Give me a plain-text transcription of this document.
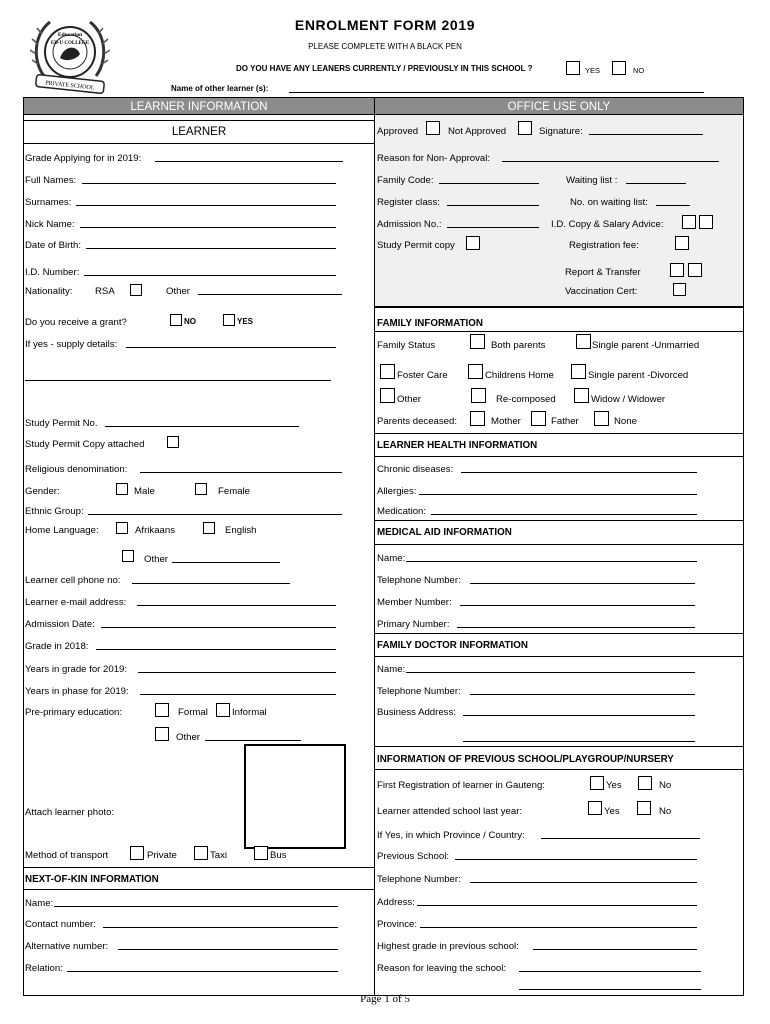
PRIVATE SCHOOL
Education
ED-U COLLEGE
ENROLMENT FORM 2019
PLEASE COMPLETE WITH A BLACK PEN
DO YOU HAVE ANY LEANERS CURRENTLY / PREVIOUSLY IN THIS SCHOOL ?	YES	NO
Name of other learner (s):
LEARNER INFORMATION	OFFICE USE ONLY
LEARNER
Grade Applying for in 2019:
Full Names:
Surnames:
Nick Name:
Date of Birth:
I.D. Number:
Nationality: RSA	Other
Do you receive a grant?	NO	YES
If yes - supply details:
Study Permit No.
Study Permit Copy attached
Religious denomination:
Gender:	Male	Female
Ethnic Group:
Home Language:	Afrikaans	English
Other
Learner cell phone no:
Learner e-mail address:
Admission Date:
Grade in 2018:
Years in grade for 2019:
Years in phase for 2019:
Pre-primary education:	Formal	Informal
Other
Attach learner photo:
Method of transport	Private	Taxi	Bus
NEXT-OF-KIN INFORMATION
Name:
Contact number:
Alternative number:
Relation:
Approved	Not Approved	Signature:
Reason for Non- Approval:
Family Code:	Waiting list :
Register class:	No. on waiting list:
Admission No.:	I.D. Copy & Salary Advice:
Study Permit copy	Registration fee:
Report & Transfer
Vaccination Cert:
FAMILY INFORMATION
Family Status	Both parents	Single parent -Unmarried
Foster Care	Childrens Home	Single parent -Divorced
Other	Re-composed	Widow / Widower
Parents deceased:	Mother	Father	None
LEARNER HEALTH INFORMATION
Chronic diseases:
Allergies:
Medication:
MEDICAL AID INFORMATION
Name:
Telephone Number:
Member Number:
Primary Number:
FAMILY DOCTOR INFORMATION
Name:
Telephone Number:
Business Address:
INFORMATION OF PREVIOUS SCHOOL/PLAYGROUP/NURSERY
First Registration of learner in Gauteng:	Yes	No
Learner attended school last year:	Yes	No
If Yes, in which Province / Country:
Previous School:
Telephone Number:
Address:
Province:
Highest grade in previous school:
Reason for leaving the school:
Page 1 of 5
